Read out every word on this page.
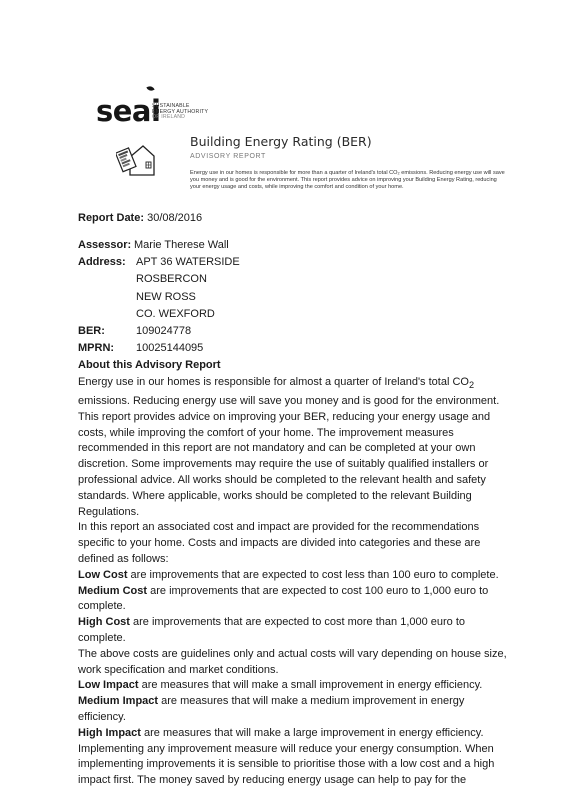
seai
SUSTAINABLE
ENERGY AUTHORITY
OF IRELAND
Building Energy Rating (BER)
ADVISORY REPORT
Energy use in our homes is responsible for more than a quarter of Ireland's total CO₂ emissions. Reducing energy use will save you money and is good for the environment. This report provides advice on improving your Building Energy Rating, reducing your energy usage and costs, while improving the comfort and condition of your home.
Report Date: 30/08/2016
Assessor: Marie Therese Wall
Address: APT 36 WATERSIDE
ROSBERCON
NEW ROSS
CO. WEXFORD
BER:	109024778
MPRN: 10025144095
About this Advisory Report

Energy use in our homes is responsible for almost a quarter of Ireland's total $CO_2$ emissions. Reducing energy use will save you money and is good for the environment. This report provides advice on improving your BER, reducing your energy usage and costs, while improving the comfort of your home. The improvement measures recommended in this report are not mandatory and can be completed at your own discretion. Some improvements may require the use of suitably qualified installers or professional advice. All works should be completed to the relevant health and safety standards. Where applicable, works should be completed to the relevant Building Regulations.

In this report an associated cost and impact are provided for the recommendations specific to your home. Costs and impacts are divided into categories and these are defined as follows:

Low Cost are improvements that are expected to cost less than 100 euro to complete.

Medium Cost are improvements that are expected to cost 100 euro to 1,000 euro to complete.

High Cost are improvements that are expected to cost more than 1,000 euro to complete.

The above costs are guidelines only and actual costs will vary depending on house size, work specification and market conditions.

Low Impact are measures that will make a small improvement in energy efficiency.

Medium Impact are measures that will make a medium improvement in energy efficiency.

High Impact are measures that will make a large improvement in energy efficiency. Implementing any improvement measure will reduce your energy consumption. When implementing improvements it is sensible to prioritise those with a low cost and a high impact first. The money saved by reducing energy usage can help to pay for the
